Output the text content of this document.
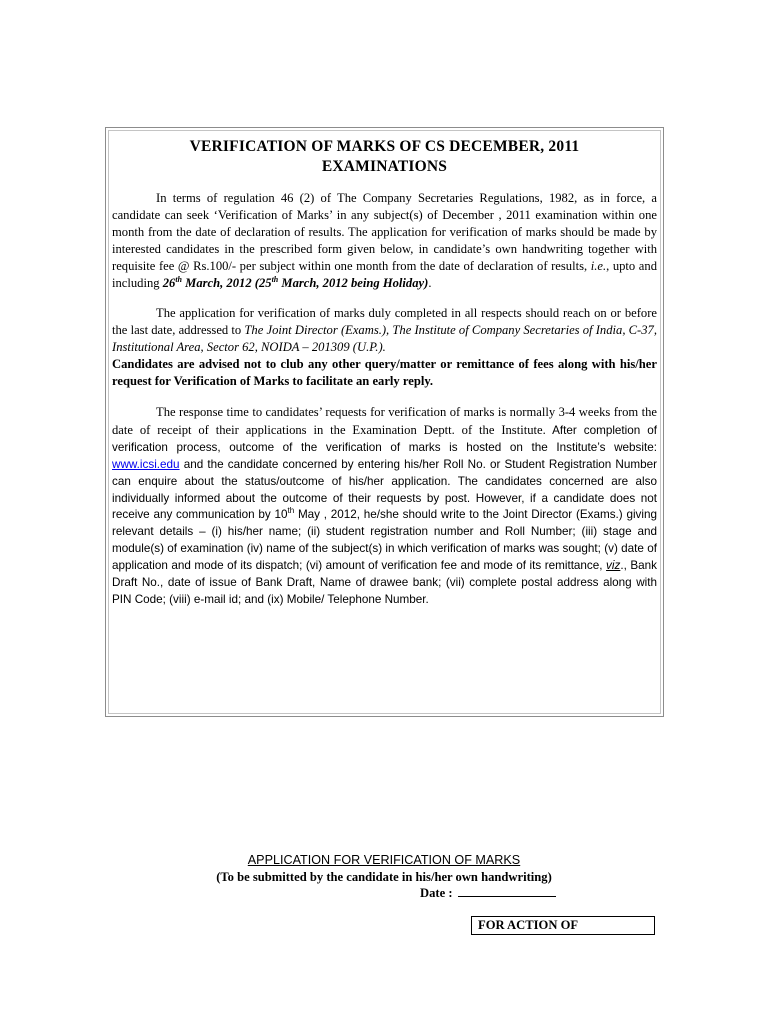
VERIFICATION OF MARKS OF CS DECEMBER, 2011
EXAMINATIONS

In terms of regulation 46 (2) of The Company Secretaries Regulations, 1982, as in force, a candidate can seek ‘Verification of Marks’ in any subject(s) of December , 2011 examination within one month from the date of declaration of results. The application for verification of marks should be made by interested candidates in the prescribed form given below, in candidate’s own handwriting together with requisite fee @ Rs.100/- per subject within one month from the date of declaration of results, i.e., upto and including 26th March, 2012 (25th March, 2012 being Holiday).

The application for verification of marks duly completed in all respects should reach on or before the last date, addressed to The Joint Director (Exams.), The Institute of Company Secretaries of India, C-37, Institutional Area, Sector 62, NOIDA – 201309 (U.P.).
Candidates are advised not to club any other query/matter or remittance of fees along with his/her request for Verification of Marks to facilitate an early reply.

The response time to candidates’ requests for verification of marks is normally 3-4 weeks from the date of receipt of their applications in the Examination Deptt. of the Institute. After completion of verification process, outcome of the verification of marks is hosted on the Institute’s website: www.icsi.edu and the candidate concerned by entering his/her Roll No. or Student Registration Number can enquire about the status/outcome of his/her application. The candidates concerned are also individually informed about the outcome of their requests by post. However, if a candidate does not receive any communication by 10th May , 2012, he/she should write to the Joint Director (Exams.) giving relevant details – (i) his/her name; (ii) student registration number and Roll Number; (iii) stage and module(s) of examination (iv) name of the subject(s) in which verification of marks was sought; (v) date of application and mode of its dispatch; (vi) amount of verification fee and mode of its remittance, viz., Bank Draft No., date of issue of Bank Draft, Name of drawee bank; (vii) complete postal address along with PIN Code; (viii) e-mail id; and (ix) Mobile/ Telephone Number.

APPLICATION FOR VERIFICATION OF MARKS
(To be submitted by the candidate in his/her own handwriting)
Date :
FOR ACTION OF
